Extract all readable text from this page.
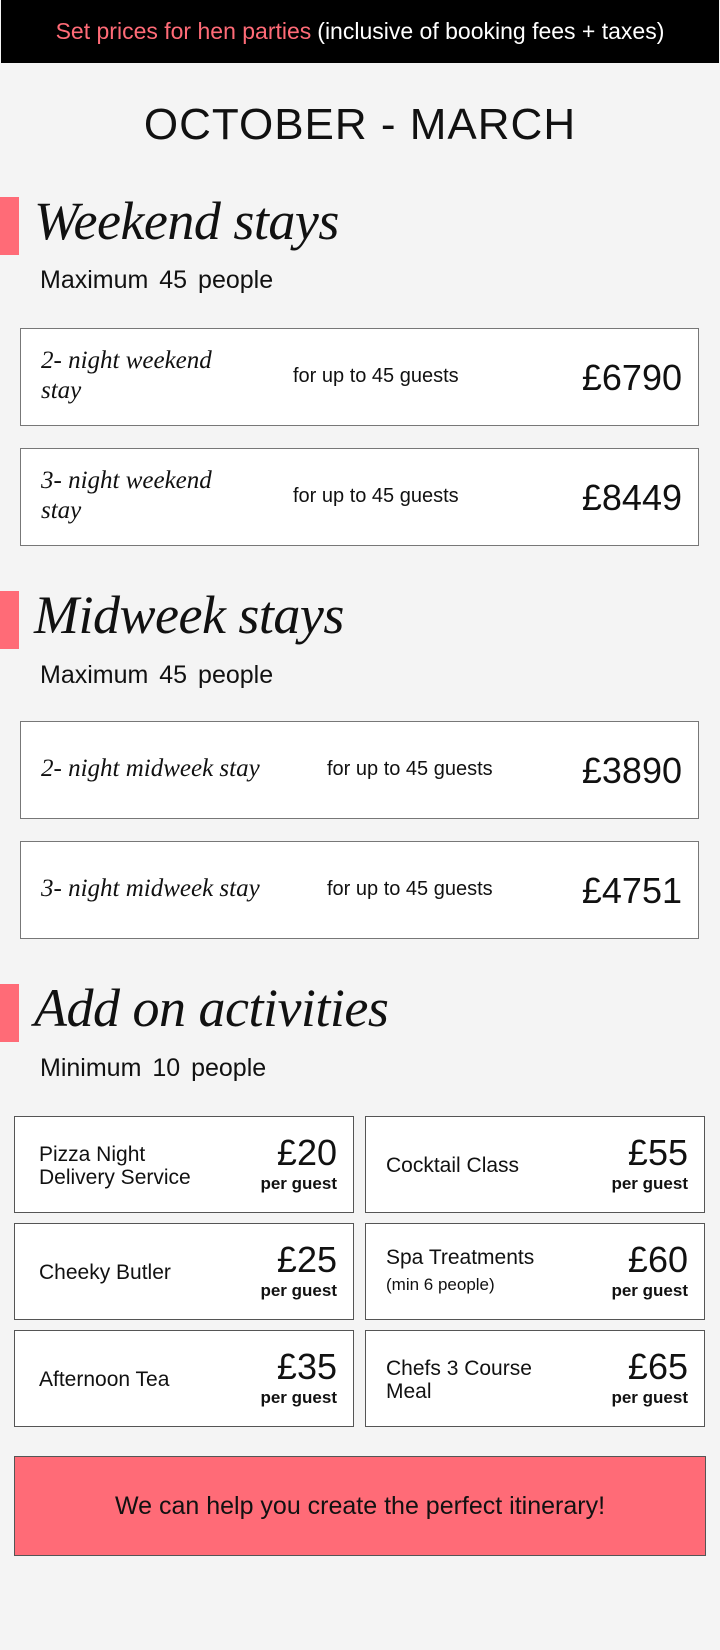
Set prices for hen parties (inclusive of booking fees + taxes)
OCTOBER - MARCH
Weekend stays
Maximum 45 people
2- night weekend stay
for up to 45 guests	£6790
3- night weekend stay
for up to 45 guests	£8449
Midweek stays
Maximum 45 people
2- night midweek stay	for up to 45 guests £3890
3- night midweek stay	for up to 45 guests £4751
Add on activities
Minimum 10 people
Pizza Night Delivery Service
£20
per guest
Cocktail Class	£55
per guest
Cheeky Butler	£25
per guest
Spa Treatments
(min 6 people)
£60
per guest
Afternoon Tea	£35
per guest
Chefs 3 Course Meal
£65
per guest
We can help you create the perfect itinerary!
